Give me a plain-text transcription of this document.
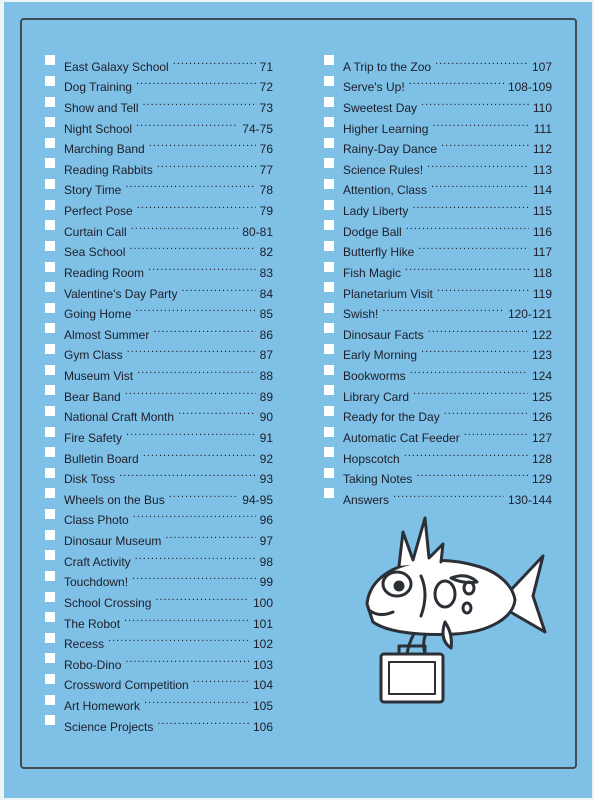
East Galaxy School .....	71
Dog Training .....	72
Show and Tell .....	73
Night School .....	74-75
Marching Band .....	76
Reading Rabbits .....	77
Story Time .....	78
Perfect Pose .....	79
Curtain Call .....	80-81
Sea School .....	82
Reading Room .....	83
Valentine's Day Party .....	84
Going Home .....	85
Almost Summer .....	86
Gym Class .....	87
Museum Vist .....	88
Bear Band .....	89
National Craft Month .....	90
Fire Safety .....	91
Bulletin Board .....	92
Disk Toss .....	93
Wheels on the Bus .....	94-95
Class Photo .....	96
Dinosaur Museum .....	97
Craft Activity .....	98
Touchdown! .....	99
School Crossing .....	100
The Robot .....	101
Recess .....	102
Robo-Dino .....	103
Crossword Competition .....	104
Art Homework .....	105
Science Projects .....	106
A Trip to the Zoo .....	107
Serve's Up! .....	108-109
Sweetest Day .....	110
Higher Learning .....	111
Rainy-Day Dance .....	112
Science Rules! .....	113
Attention, Class .....	114
Lady Liberty .....	115
Dodge Ball .....	116
Butterfly Hike .....	117
Fish Magic .....	118
Planetarium Visit .....	119
Swish! .....	120-121
Dinosaur Facts .....	122
Early Morning .....	123
Bookworms .....	124
Library Card .....	125
Ready for the Day .....	126
Automatic Cat Feeder .....	127
Hopscotch .....	128
Taking Notes .....	129
Answers .....	130-144
